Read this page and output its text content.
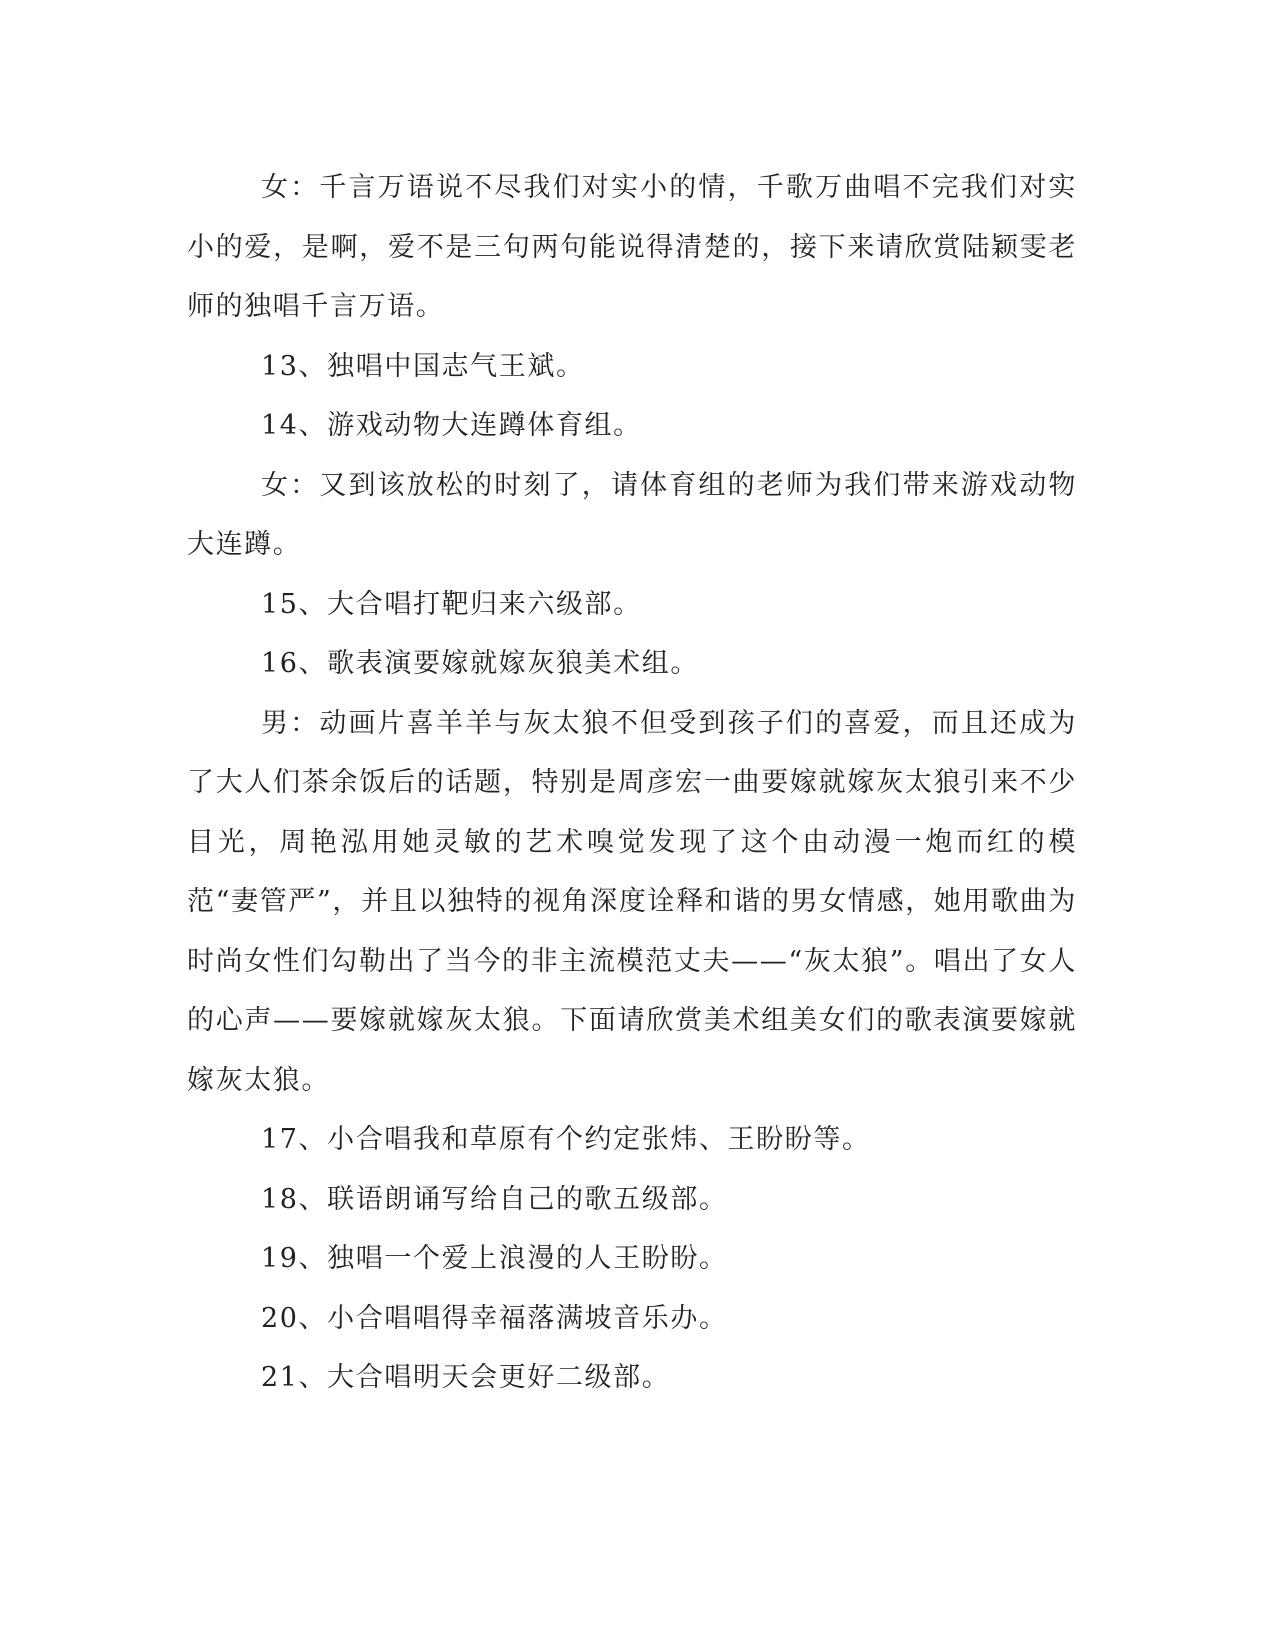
女：千言万语说不尽我们对实小的情，千歌万曲唱不完我们对实小的爱，是啊，爱不是三句两句能说得清楚的，接下来请欣赏陆颖雯老师的独唱千言万语。

13、独唱中国志气王斌。

14、游戏动物大连蹲体育组。

女：又到该放松的时刻了，请体育组的老师为我们带来游戏动物大连蹲。

15、大合唱打靶归来六级部。

16、歌表演要嫁就嫁灰狼美术组。

男：动画片喜羊羊与灰太狼不但受到孩子们的喜爱，而且还成为了大人们茶余饭后的话题，特别是周彦宏一曲要嫁就嫁灰太狼引来不少目光，周艳泓用她灵敏的艺术嗅觉发现了这个由动漫一炮而红的模范“妻管严”，并且以独特的视角深度诠释和谐的男女情感，她用歌曲为时尚女性们勾勒出了当今的非主流模范丈夫——“灰太狼”。唱出了女人的心声——要嫁就嫁灰太狼。下面请欣赏美术组美女们的歌表演要嫁就嫁灰太狼。

17、小合唱我和草原有个约定张炜、王盼盼等。

18、联语朗诵写给自己的歌五级部。

19、独唱一个爱上浪漫的人王盼盼。

20、小合唱唱得幸福落满坡音乐办。

21、大合唱明天会更好二级部。
